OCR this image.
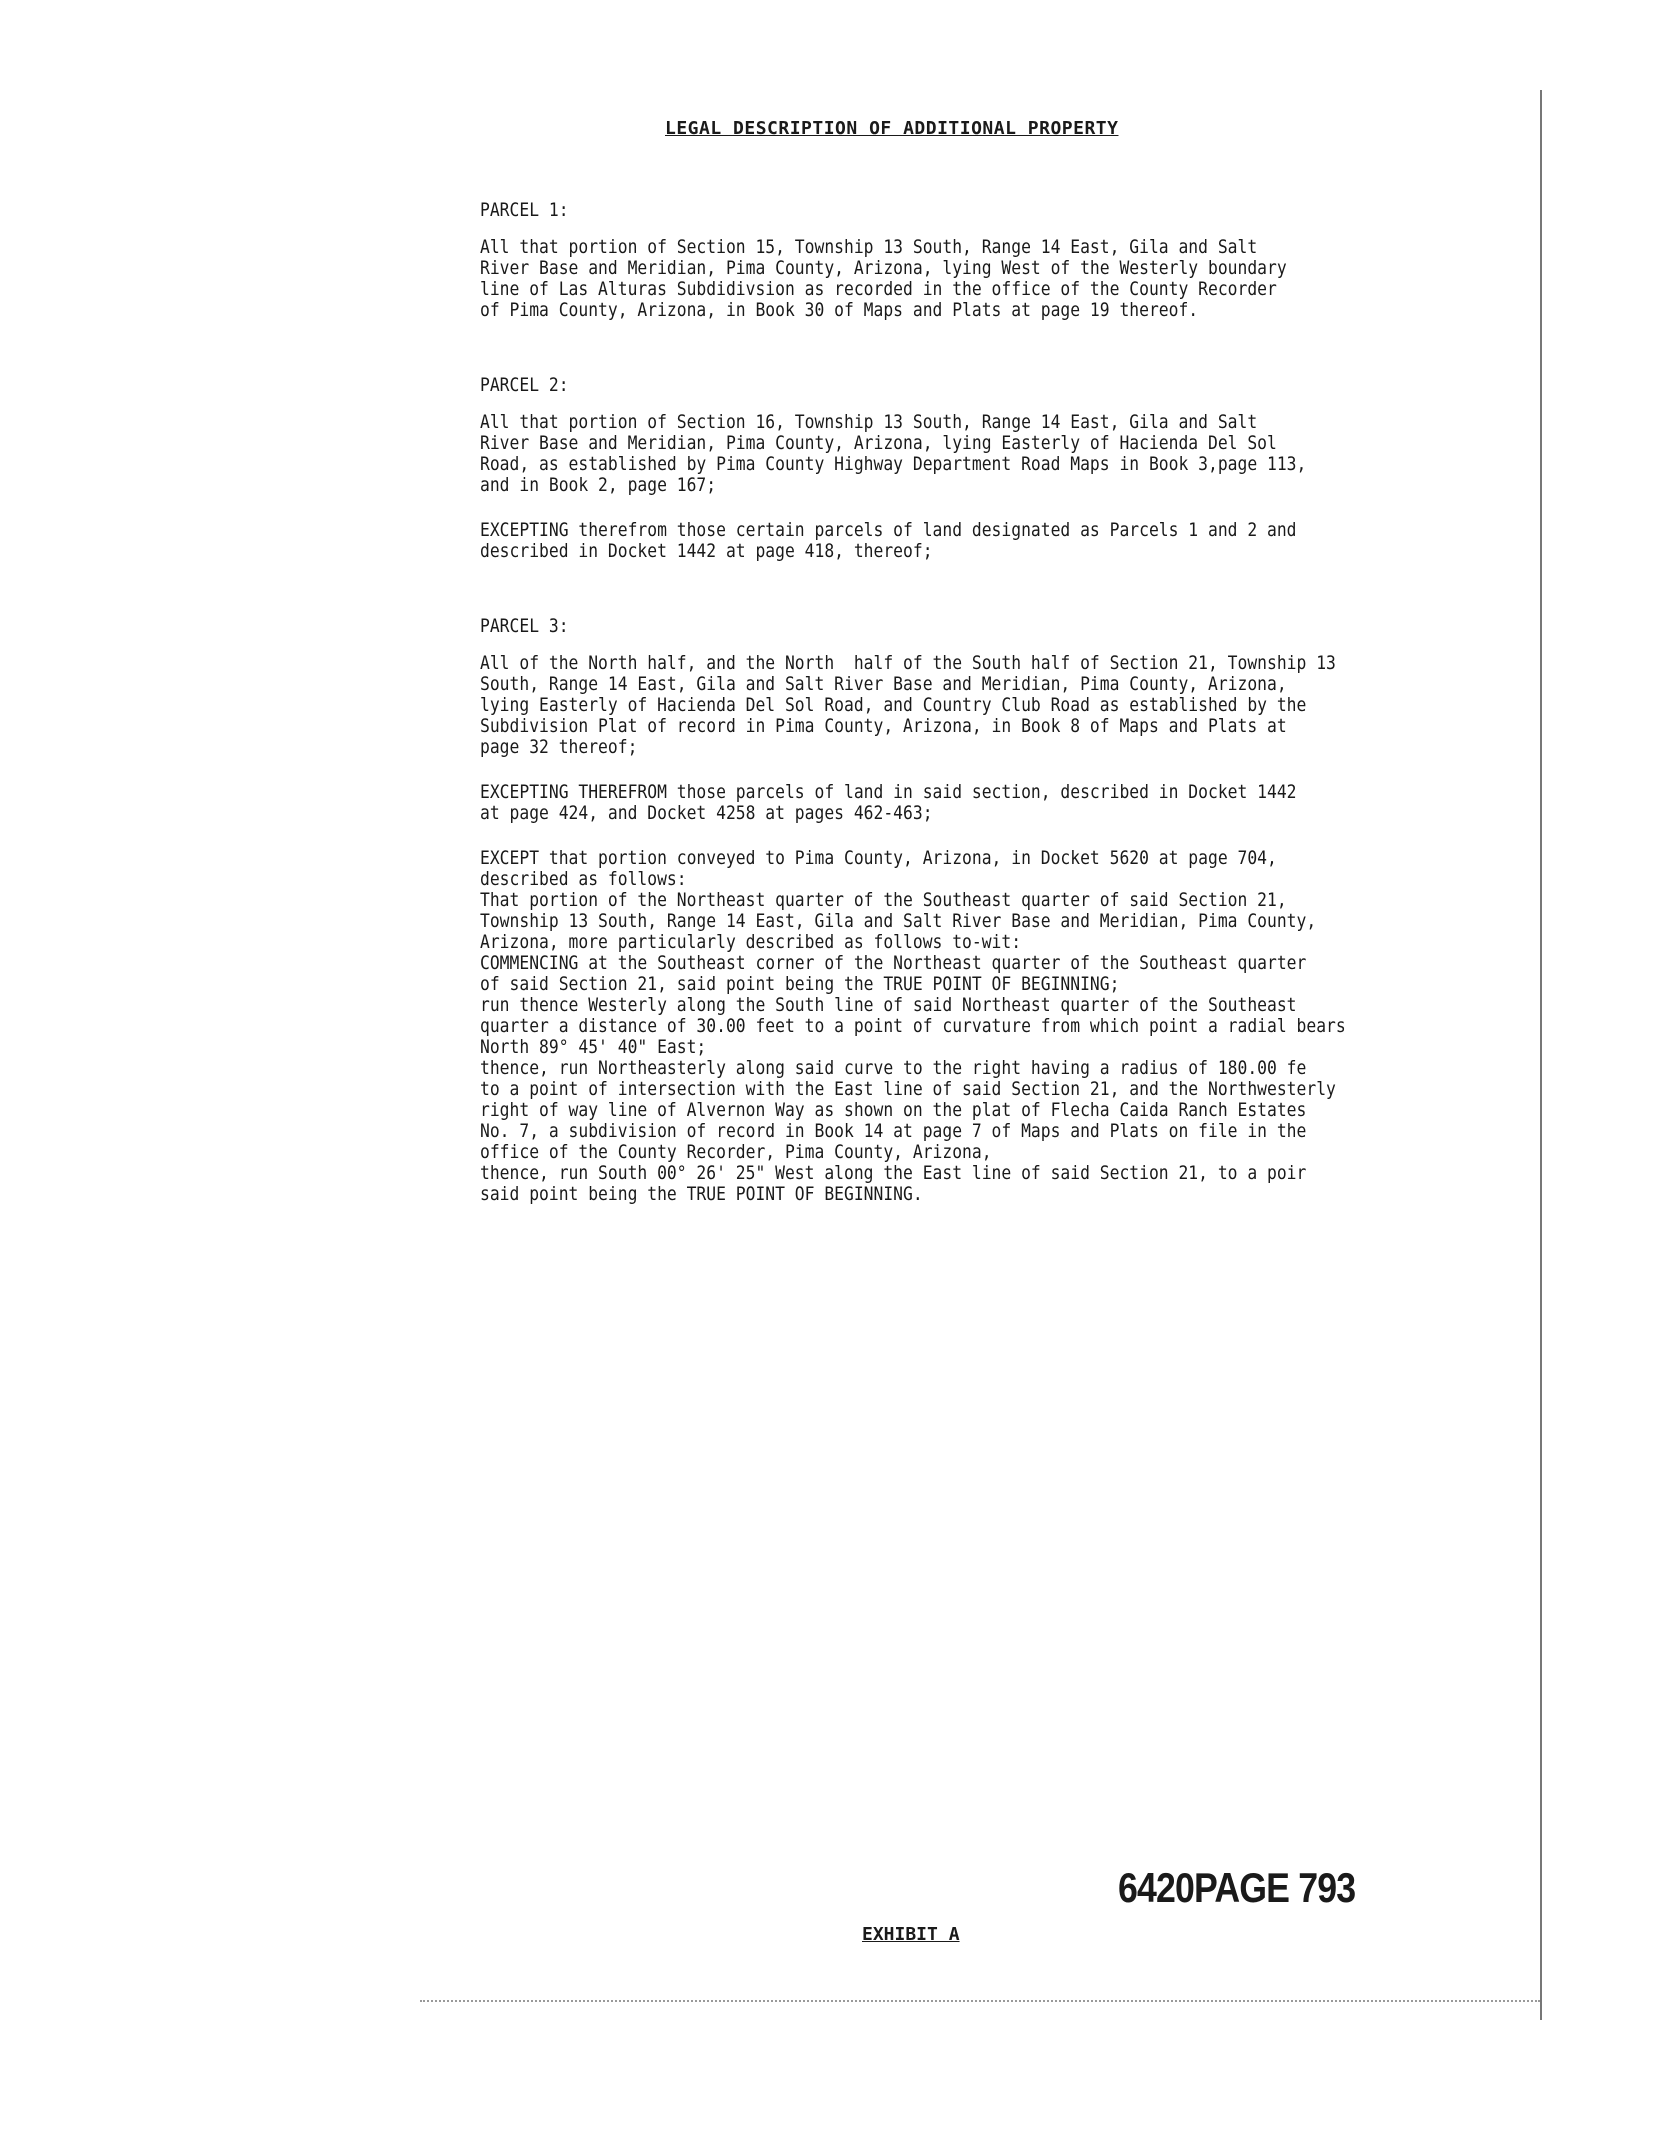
LEGAL DESCRIPTION OF ADDITIONAL PROPERTY
PARCEL 1:
All that portion of Section 15, Township 13 South, Range 14 East, Gila and Salt
River Base and Meridian, Pima County, Arizona, lying West of the Westerly boundary
line of Las Alturas Subdidivsion as recorded in the office of the County Recorder
of Pima County, Arizona, in Book 30 of Maps and Plats at page 19 thereof.
PARCEL 2:
All that portion of Section 16, Township 13 South, Range 14 East, Gila and Salt
River Base and Meridian, Pima County, Arizona, lying Easterly of Hacienda Del Sol
Road, as established by Pima County Highway Department Road Maps in Book 3,page 113,
and in Book 2, page 167;
EXCEPTING therefrom those certain parcels of land designated as Parcels 1 and 2 and
described in Docket 1442 at page 418, thereof;
PARCEL 3:
All of the North half, and the North  half of the South half of Section 21, Township 13
South, Range 14 East, Gila and Salt River Base and Meridian, Pima County, Arizona,
lying Easterly of Hacienda Del Sol Road, and Country Club Road as established by the
Subdivision Plat of record in Pima County, Arizona, in Book 8 of Maps and Plats at
page 32 thereof;
EXCEPTING THEREFROM those parcels of land in said section, described in Docket 1442
at page 424, and Docket 4258 at pages 462-463;
EXCEPT that portion conveyed to Pima County, Arizona, in Docket 5620 at page 704,
described as follows:
That portion of the Northeast quarter of the Southeast quarter of said Section 21,
Township 13 South, Range 14 East, Gila and Salt River Base and Meridian, Pima County,
Arizona, more particularly described as follows to-wit:
COMMENCING at the Southeast corner of the Northeast quarter of the Southeast quarter
of said Section 21, said point being the TRUE POINT OF BEGINNING;
run thence Westerly along the South line of said Northeast quarter of the Southeast
quarter a distance of 30.00 feet to a point of curvature from which point a radial bears
North 89° 45' 40" East;
thence, run Northeasterly along said curve to the right having a radius of 180.00 fe
to a point of intersection with the East line of said Section 21, and the Northwesterly
right of way line of Alvernon Way as shown on the plat of Flecha Caida Ranch Estates
No. 7, a subdivision of record in Book 14 at page 7 of Maps and Plats on file in the
office of the County Recorder, Pima County, Arizona,
thence, run South 00° 26' 25" West along the East line of said Section 21, to a poir
said point being the TRUE POINT OF BEGINNING.
6420PAGE 793
EXHIBIT A
